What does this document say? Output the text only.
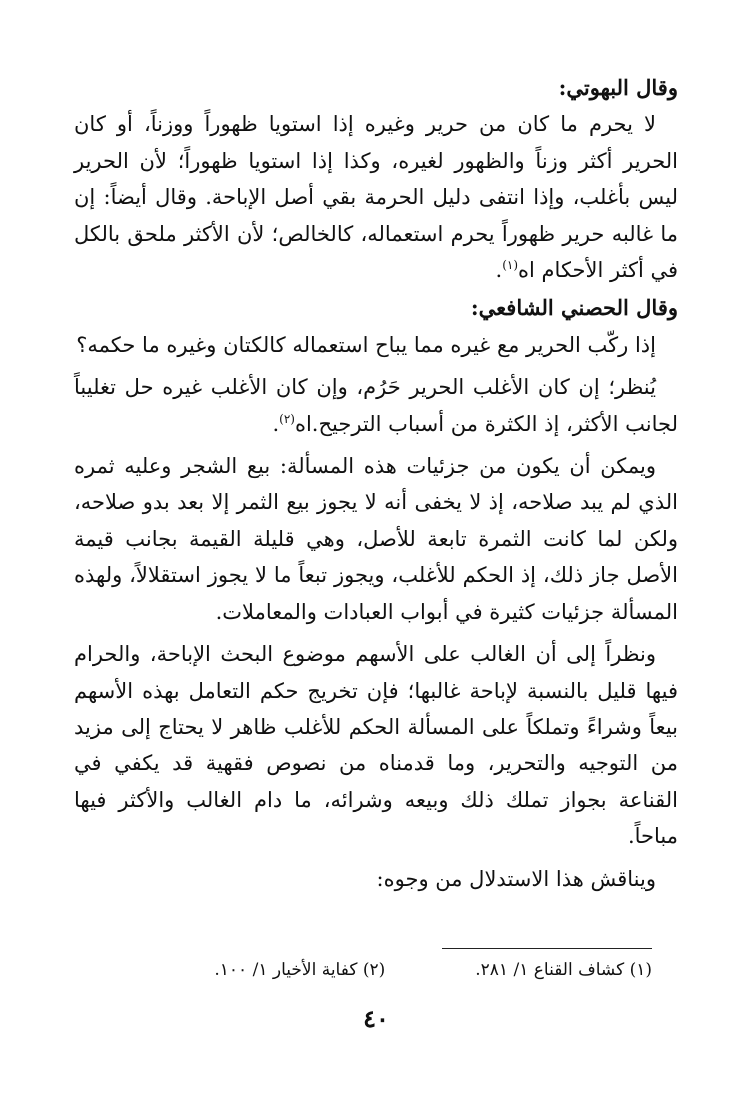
وقال البهوتي:

لا يحرم ما كان من حرير وغيره إذا استويا ظهوراً ووزناً، أو كان الحرير أكثر وزناً والظهور لغيره، وكذا إذا استويا ظهوراً؛ لأن الحرير ليس بأغلب، وإذا انتفى دليل الحرمة بقي أصل الإباحة. وقال أيضاً: إن ما غالبه حرير ظهوراً يحرم استعماله، كالخالص؛ لأن الأكثر ملحق بالكل في أكثر الأحكام اه$^{(١)}$.

وقال الحصني الشافعي:

إذا ركّب الحرير مع غيره مما يباح استعماله كالكتان وغيره ما حكمه؟

يُنظر؛ إن كان الأغلب الحرير حَرُم، وإن كان الأغلب غيره حل تغليباً لجانب الأكثر، إذ الكثرة من أسباب الترجيح.اه$^{(٢)}$.

ويمكن أن يكون من جزئيات هذه المسألة: بيع الشجر وعليه ثمره الذي لم يبد صلاحه، إذ لا يخفى أنه لا يجوز بيع الثمر إلا بعد بدو صلاحه، ولكن لما كانت الثمرة تابعة للأصل، وهي قليلة القيمة بجانب قيمة الأصل جاز ذلك، إذ الحكم للأغلب، ويجوز تبعاً ما لا يجوز استقلالاً، ولهذه المسألة جزئيات كثيرة في أبواب العبادات والمعاملات.

ونظراً إلى أن الغالب على الأسهم موضوع البحث الإباحة، والحرام فيها قليل بالنسبة لإباحة غالبها؛ فإن تخريج حكم التعامل بهذه الأسهم بيعاً وشراءً وتملكاً على المسألة الحكم للأغلب ظاهر لا يحتاج إلى مزيد من التوجيه والتحرير، وما قدمناه من نصوص فقهية قد يكفي في القناعة بجواز تملك ذلك وبيعه وشرائه، ما دام الغالب والأكثر فيها مباحاً.

ويناقش هذا الاستدلال من وجوه:

(١) كشاف القناع ١/ ٢٨١.
(٢) كفاية الأخيار ١/ ١٠٠.
٤٠
